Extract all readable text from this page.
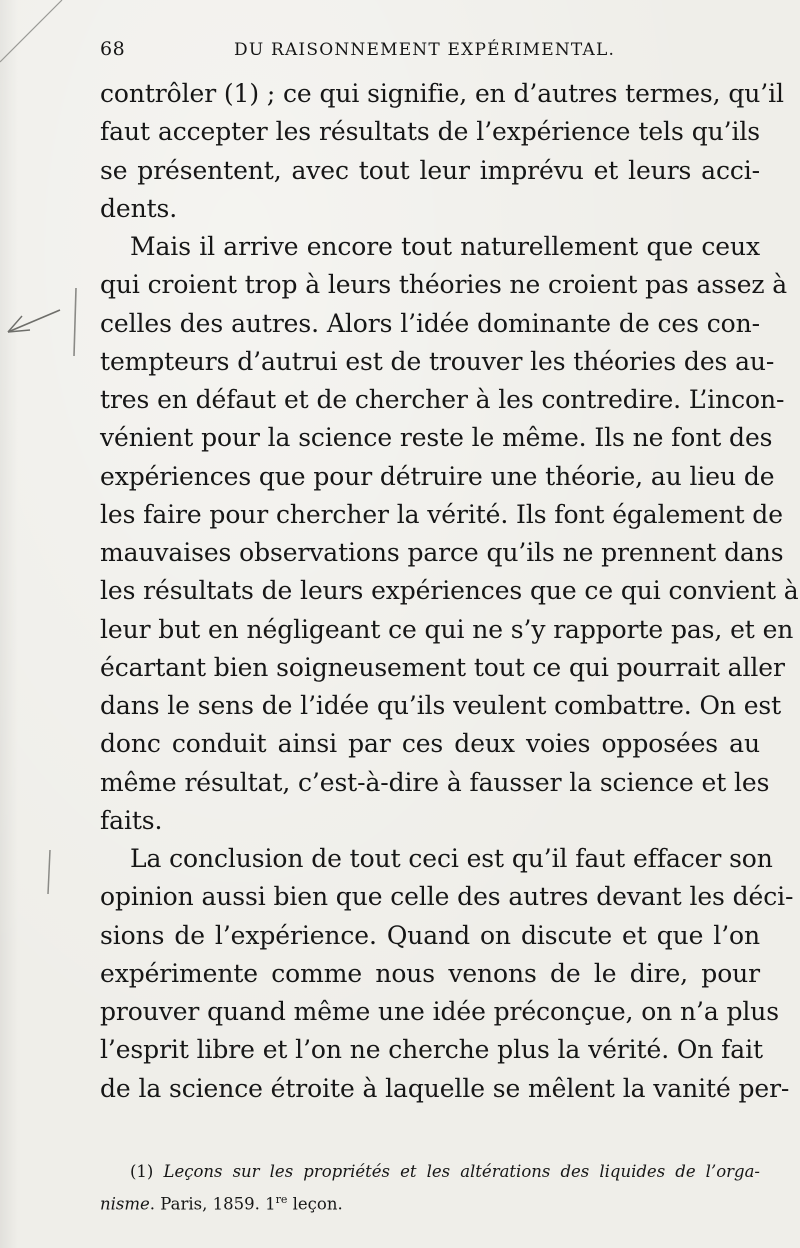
68	DU RAISONNEMENT EXPÉRIMENTAL.
contrôler (1) ; ce qui signifie, en d’autres termes, qu’il
faut accepter les résultats de l’expérience tels qu’ils
se présentent, avec tout leur imprévu et leurs acci-
dents.
Mais il arrive encore tout naturellement que ceux
qui croient trop à leurs théories ne croient pas assez à
celles des autres. Alors l’idée dominante de ces con-
tempteurs d’autrui est de trouver les théories des au-
tres en défaut et de chercher à les contredire. L’incon-
vénient pour la science reste le même. Ils ne font des
expériences que pour détruire une théorie, au lieu de
les faire pour chercher la vérité. Ils font également de
mauvaises observations parce qu’ils ne prennent dans
les résultats de leurs expériences que ce qui convient à
leur but en négligeant ce qui ne s’y rapporte pas, et en
écartant bien soigneusement tout ce qui pourrait aller
dans le sens de l’idée qu’ils veulent combattre. On est
donc conduit ainsi par ces deux voies opposées au
même résultat, c’est-à-dire à fausser la science et les
faits.
La conclusion de tout ceci est qu’il faut effacer son
opinion aussi bien que celle des autres devant les déci-
sions de l’expérience. Quand on discute et que l’on
expérimente comme nous venons de le dire, pour
prouver quand même une idée préconçue, on n’a plus
l’esprit libre et l’on ne cherche plus la vérité. On fait
de la science étroite à laquelle se mêlent la vanité per-
(1) Leçons sur les propriétés et les altérations des liquides de l’orga-
nisme. Paris, 1859. 1re leçon.
